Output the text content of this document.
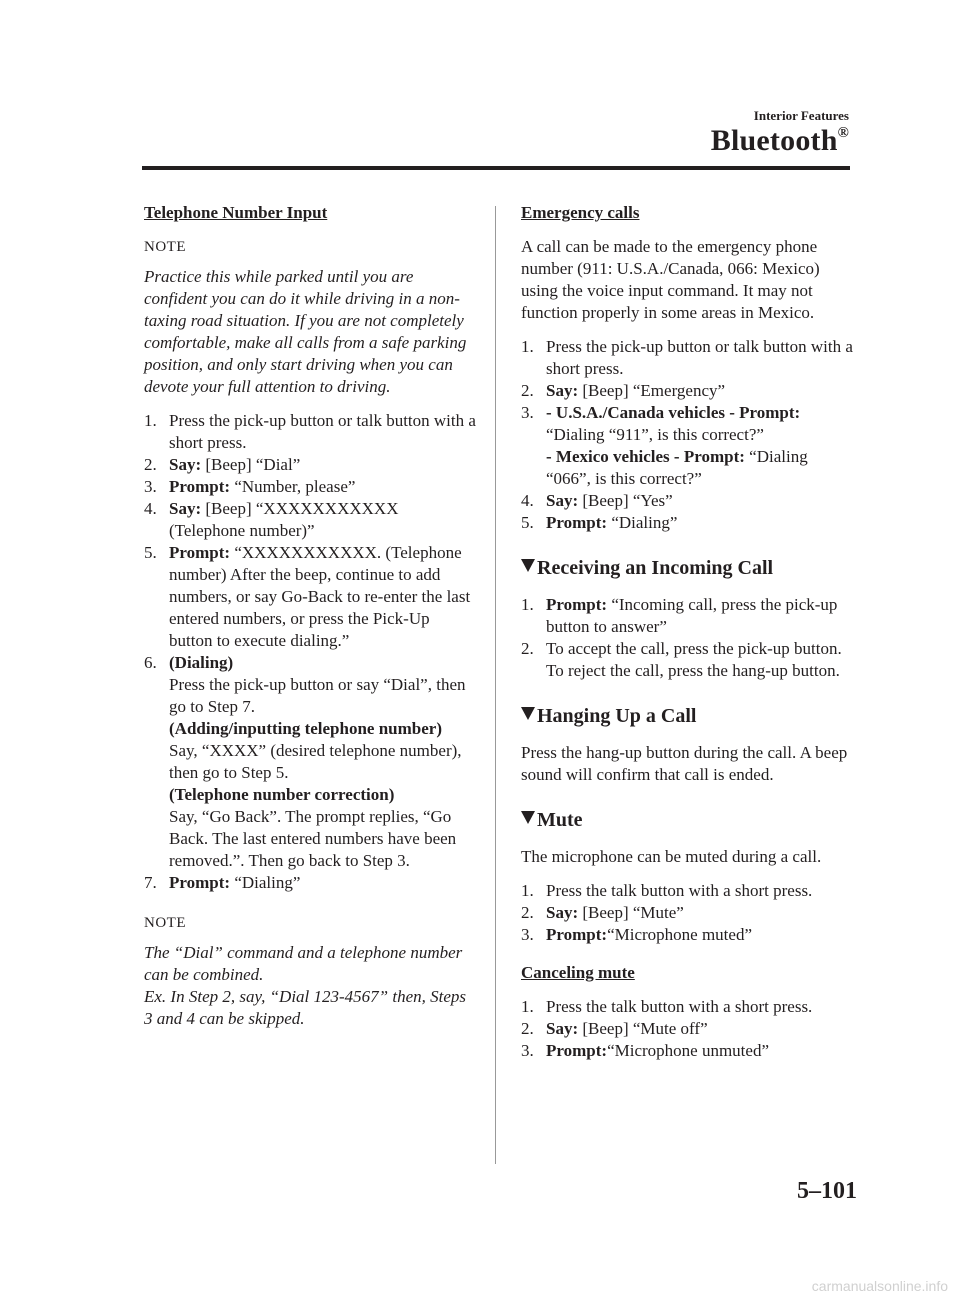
Interior Features
Bluetooth®
Telephone Number Input
NOTE
Practice this while parked until you are confident you can do it while driving in a non-taxing road situation. If you are not completely comfortable, make all calls from a safe parking position, and only start driving when you can devote your full attention to driving.
1. Press the pick-up button or talk button with a short press.
2. Say: [Beep] “Dial”
3. Prompt: “Number, please”
4. Say: [Beep] “XXXXXXXXXXX (Telephone number)”
5. Prompt: “XXXXXXXXXXX. (Telephone number) After the beep, continue to add numbers, or say Go-Back to re-enter the last entered numbers, or press the Pick-Up button to execute dialing.”
6. (Dialing)
Press the pick-up button or say “Dial”, then go to Step 7.
(Adding/inputting telephone number)
Say, “XXXX” (desired telephone number), then go to Step 5.
(Telephone number correction)
Say, “Go Back”. The prompt replies, “Go Back. The last entered numbers have been removed.”. Then go back to Step 3.
7. Prompt: “Dialing”
NOTE
The “Dial” command and a telephone number can be combined.
Ex. In Step 2, say, “Dial 123-4567” then, Steps 3 and 4 can be skipped.
Emergency calls
A call can be made to the emergency phone number (911: U.S.A./Canada, 066: Mexico) using the voice input command. It may not function properly in some areas in Mexico.
1. Press the pick-up button or talk button with a short press.
2. Say: [Beep] “Emergency”
3. - U.S.A./Canada vehicles - Prompt: “Dialing “911”, is this correct?”
- Mexico vehicles - Prompt: “Dialing “066”, is this correct?”
4. Say: [Beep] “Yes”
5. Prompt: “Dialing”
Receiving an Incoming Call
1. Prompt: “Incoming call, press the pick-up button to answer”
2. To accept the call, press the pick-up button.
To reject the call, press the hang-up button.
Hanging Up a Call
Press the hang-up button during the call. A beep sound will confirm that call is ended.
Mute
The microphone can be muted during a call.
1. Press the talk button with a short press.
2. Say: [Beep] “Mute”
3. Prompt:“Microphone muted”
Canceling mute
1. Press the talk button with a short press.
2. Say: [Beep] “Mute off”
3. Prompt:“Microphone unmuted”
5–101
carmanualsonline.info
